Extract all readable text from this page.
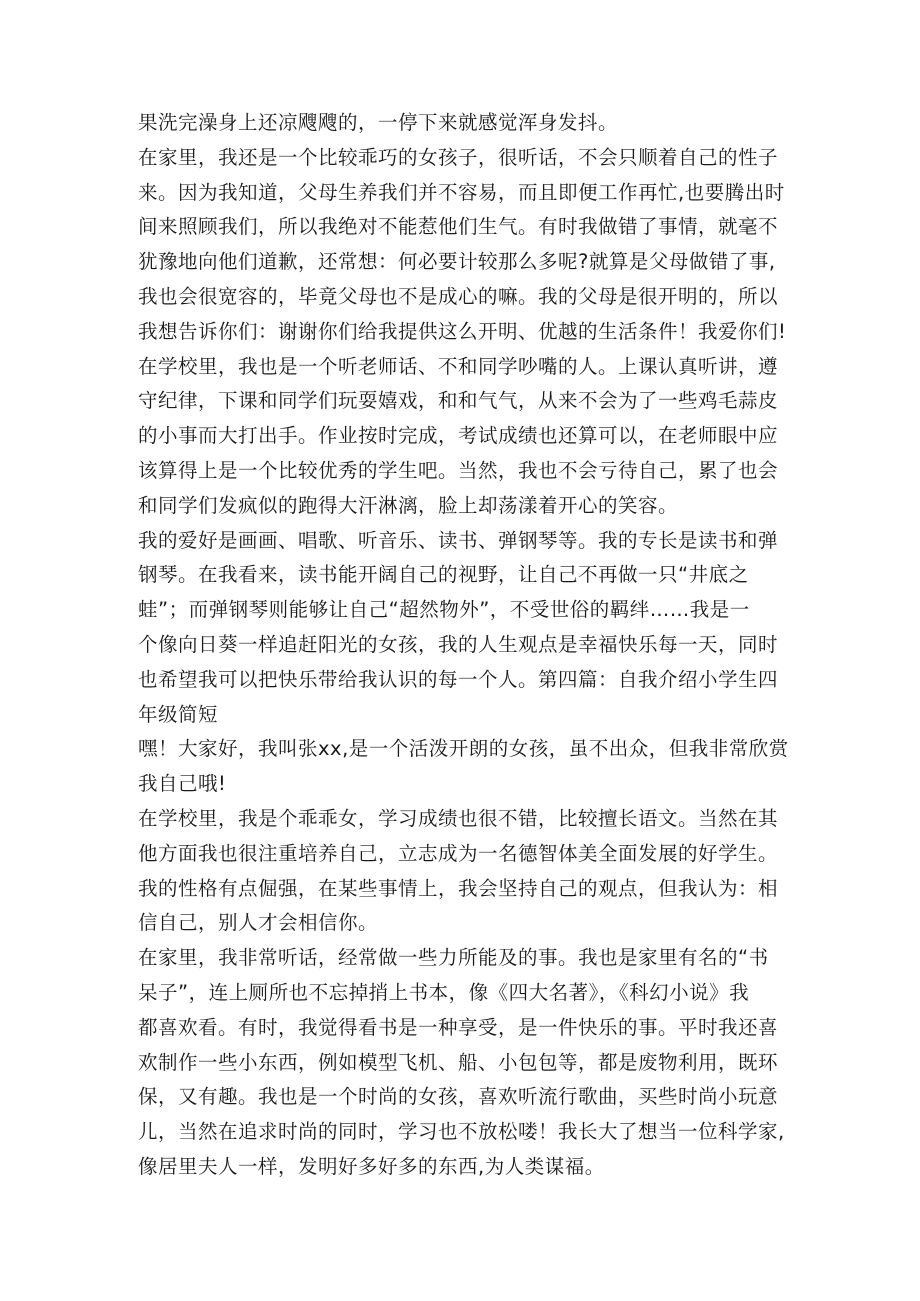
果洗完澡身上还凉飕飕的，一停下来就感觉浑身发抖。
在家里，我还是一个比较乖巧的女孩子，很听话，不会只顺着自己的性子
来。因为我知道，父母生养我们并不容易，而且即便工作再忙,也要腾出时
间来照顾我们，所以我绝对不能惹他们生气。有时我做错了事情，就毫不
犹豫地向他们道歉，还常想：何必要计较那么多呢?就算是父母做错了事,
我也会很宽容的，毕竟父母也不是成心的嘛。我的父母是很开明的，所以
我想告诉你们：谢谢你们给我提供这么开明、优越的生活条件！我爱你们!
在学校里，我也是一个听老师话、不和同学吵嘴的人。上课认真听讲，遵
守纪律，下课和同学们玩耍嬉戏，和和气气，从来不会为了一些鸡毛蒜皮
的小事而大打出手。作业按时完成，考试成绩也还算可以，在老师眼中应
该算得上是一个比较优秀的学生吧。当然，我也不会亏待自己，累了也会
和同学们发疯似的跑得大汗淋漓，脸上却荡漾着开心的笑容。
我的爱好是画画、唱歌、听音乐、读书、弹钢琴等。我的专长是读书和弹
钢琴。在我看来，读书能开阔自己的视野，让自己不再做一只“井底之
蛙”；而弹钢琴则能够让自己“超然物外”，不受世俗的羁绊……我是一
个像向日葵一样追赶阳光的女孩，我的人生观点是幸福快乐每一天，同时
也希望我可以把快乐带给我认识的每一个人。第四篇：自我介绍小学生四
年级简短
嘿！大家好，我叫张xx,是一个活泼开朗的女孩，虽不出众，但我非常欣赏
我自己哦!
在学校里，我是个乖乖女，学习成绩也很不错，比较擅长语文。当然在其
他方面我也很注重培养自己，立志成为一名德智体美全面发展的好学生。
我的性格有点倔强，在某些事情上，我会坚持自己的观点，但我认为：相
信自己，别人才会相信你。
在家里，我非常听话，经常做一些力所能及的事。我也是家里有名的“书
呆子”，连上厕所也不忘掉捎上书本，像《四大名著》，《科幻小说》我
都喜欢看。有时，我觉得看书是一种享受，是一件快乐的事。平时我还喜
欢制作一些小东西，例如模型飞机、船、小包包等，都是废物利用，既环
保，又有趣。我也是一个时尚的女孩，喜欢听流行歌曲，买些时尚小玩意
儿，当然在追求时尚的同时，学习也不放松喽！我长大了想当一位科学家,
像居里夫人一样，发明好多好多的东西,为人类谋福。
